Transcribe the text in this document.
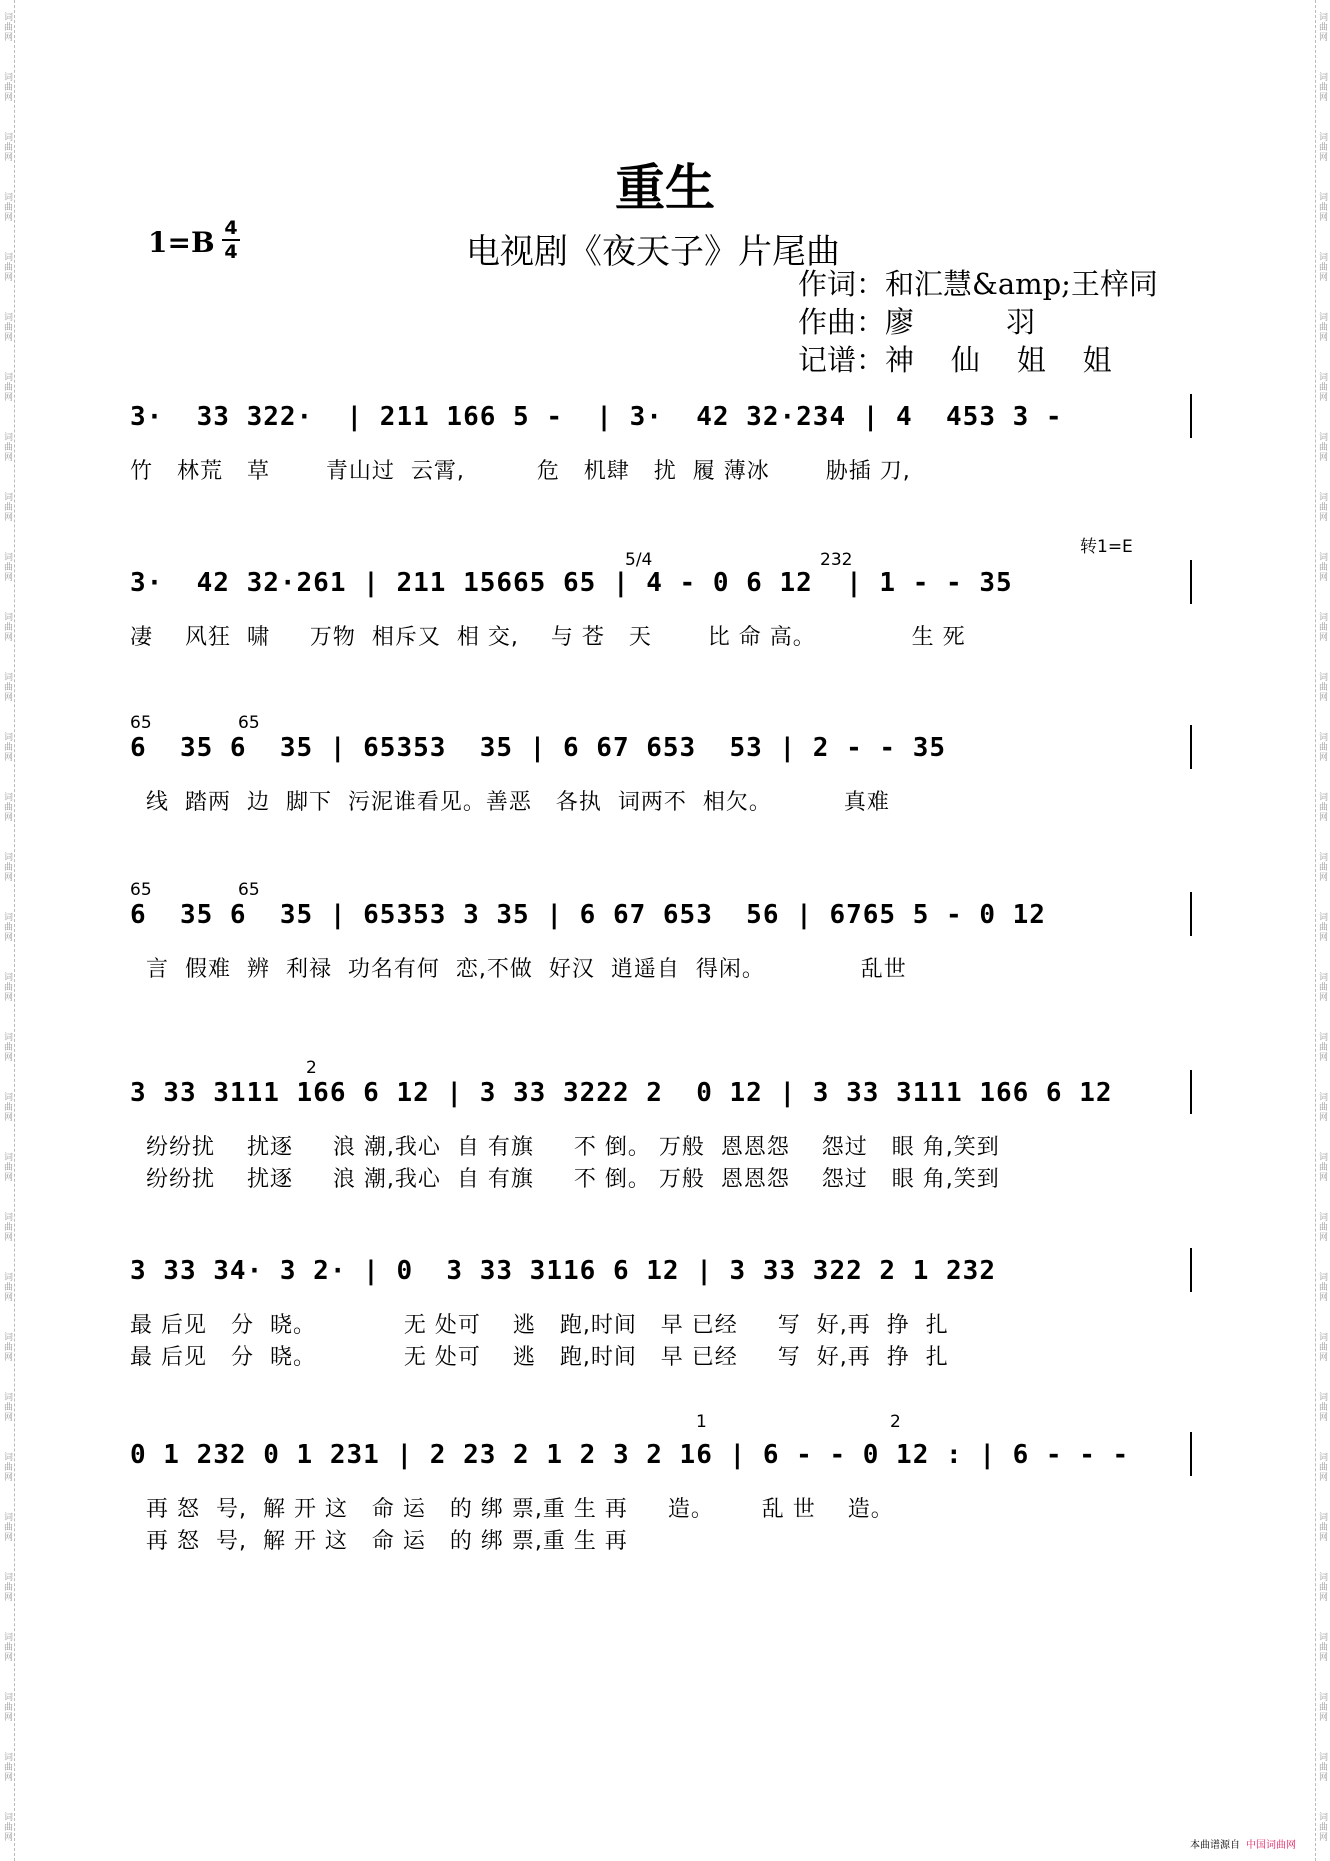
词曲网
词曲网
词曲网
词曲网
词曲网
词曲网
词曲网
词曲网
词曲网
词曲网
词曲网
词曲网
词曲网
词曲网
词曲网
词曲网
词曲网
词曲网
词曲网
词曲网
词曲网
词曲网
词曲网
词曲网
词曲网
词曲网
词曲网
词曲网
词曲网
词曲网
词曲网
词曲网
词曲网
词曲网
词曲网
词曲网
词曲网
词曲网
词曲网
词曲网
词曲网
词曲网
词曲网
词曲网
词曲网
词曲网
词曲网
词曲网
词曲网
词曲网
词曲网
词曲网
词曲网
词曲网
词曲网
词曲网
词曲网
词曲网
词曲网
词曲网
词曲网
词曲网
重生
1=B 4
4	电视剧《夜天子》片尾曲
作词：和汇慧&amp;王梓同
作曲：廖          羽
记谱：神    仙    姐    姐
3·  33 322·  | 211 166 5 -  | 3·  42 32·234 | 4  453 3 -
竹   林荒   草       青山过  云霄,         危   机肆   扰  履 薄冰       胁插 刀,
3·  42 32·261 | 211 15665 65 | 4 - 0 6 12  | 1 - - 35
凄    风狂  啸     万物  相斥又  相 交,    与 苍   天       比 命 高。            生 死
转1=E
5/4	232
6  35 6  35 | 65353  35 | 6 67 653  53 | 2 - - 35
线  踏两  边  脚下  污泥谁看见。善恶   各执  词两不  相欠。         真难
65	65
6  35 6  35 | 65353 3 35 | 6 67 653  56 | 6765 5 - 0 12
言  假难  辨  利禄  功名有何  恋,不做  好汉  逍遥自  得闲。            乱世
65	65
3 33 3111 166 6 12 | 3 33 3222 2  0 12 | 3 33 3111 166 6 12
纷纷扰    扰逐     浪 潮,我心  自 有旗     不 倒。 万般  恩恩怨    怨过   眼 角,笑到
纷纷扰    扰逐     浪 潮,我心  自 有旗     不 倒。 万般  恩恩怨    怨过   眼 角,笑到
2
3 33 34· 3 2· | 0  3 33 3116 6 12 | 3 33 322 2 1 232
最 后见   分  晓。           无 处可    逃   跑,时间   早 已经     写  好,再  挣  扎
最 后见   分  晓。           无 处可    逃   跑,时间   早 已经     写  好,再  挣  扎
0 1 232 0 1 231 | 2 23 2 1 2 3 2 16 | 6 - - 0 12 : | 6 - - -
再 怒  号,  解 开 这   命 运   的 绑 票,重 生 再     造。      乱 世    造。
再 怒  号,  解 开 这   命 运   的 绑 票,重 生 再
1	2
本曲谱源自 中国词曲网
